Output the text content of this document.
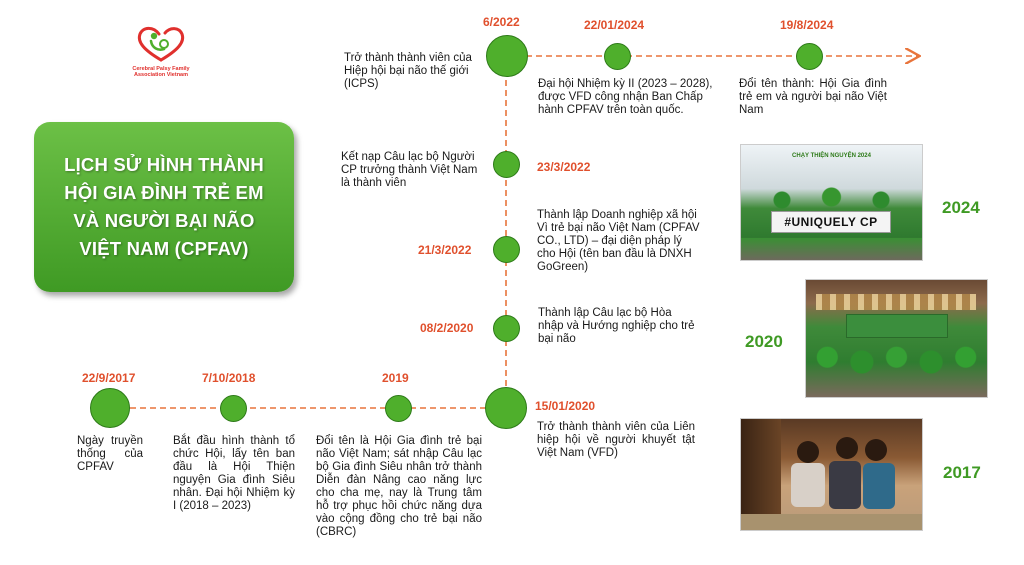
Cerebral Palsy Family
Association Vietnam
LỊCH SỬ HÌNH THÀNH
HỘI GIA ĐÌNH TRẺ EM
VÀ NGƯỜI BẠI NÃO
VIỆT NAM (CPFAV)
22/9/2017	7/10/2018	2019
15/01/2020
08/2/2020
21/3/2022
23/3/2022
6/2022	22/01/2024	19/8/2024
Ngày truyền thống của CPFAV
Bắt đầu hình thành tổ chức Hội, lấy tên ban đầu là Hội Thiện nguyện Gia đình Siêu nhân. Đại hội Nhiệm kỳ I (2018 – 2023)
Đổi tên là Hội Gia đình trẻ bại não Việt Nam; sát nhập Câu lạc bộ Gia đình Siêu nhân trở thành Diễn đàn Nâng cao năng lực cho cha mẹ, nay là Trung tâm hỗ trợ phục hồi chức năng dựa vào cộng đồng cho trẻ bại não (CBRC)
Trở thành thành viên của Liên hiệp hội về người khuyết tật Việt Nam (VFD)
Thành lập Câu lạc bộ Hòa nhập và Hướng nghiệp cho trẻ bại não
Thành lập Doanh nghiệp xã hội Vì trẻ bại não Việt Nam (CPFAV CO., LTD) – đại diện pháp lý cho Hội (tên ban đầu là DNXH GoGreen)
Kết nạp Câu lạc bộ Người CP trưởng thành Việt Nam là thành viên
Trở thành thành viên của Hiệp hội bại não thế giới (ICPS)	Đại hội Nhiệm kỳ II (2023 – 2028), được VFD công nhận Ban Chấp hành CPFAV trên toàn quốc.
Đổi tên thành: Hội Gia đình trẻ em và người bại não Việt Nam
CHẠY THIỆN NGUYỆN 2024
#UNIQUELY CP
2024
2020
2017
